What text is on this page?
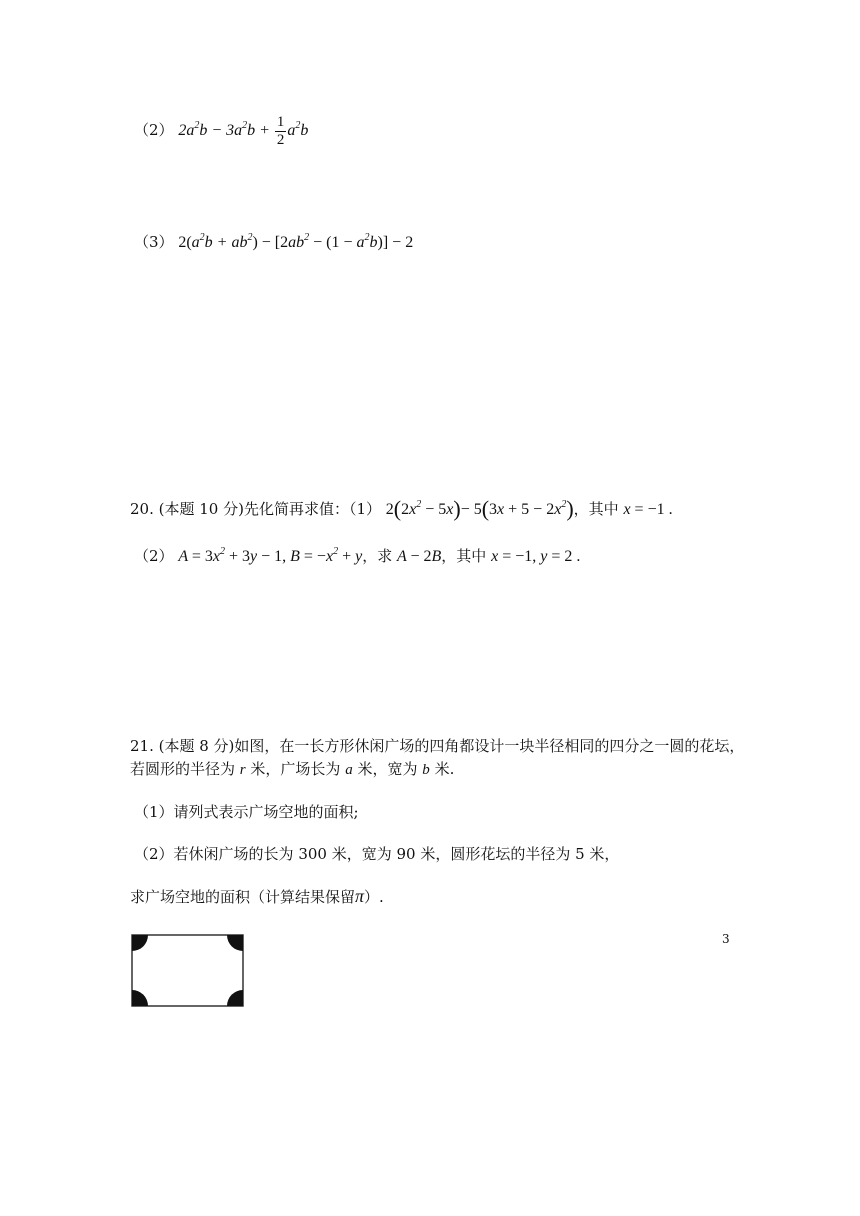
（2） $2a^2b - 3a^2b + \frac{1}{2} a^2b$
（3） $2(a^2b + ab^2) - [2ab^2 - (1 - a^2b)] - 2$
20. (本题 10 分)先化简再求值：（1） $2(2x^2 - 5x)- 5(3x + 5 - 2x^2)$，其中 x = −1 .
（2） $A = 3x^2 + 3y - 1$, $B = -x^2 + y$，求 A − 2B，其中 x = −1, y = 2 .
21. (本题 8 分)如图，在一长方形休闲广场的四角都设计一块半径相同的四分之一圆的花坛，
若圆形的半径为 r 米，广场长为 a 米，宽为 b 米.
（1）请列式表示广场空地的面积;
（2）若休闲广场的长为 300 米，宽为 90 米，圆形花坛的半径为 5 米，
求广场空地的面积（计算结果保留π）.
3
